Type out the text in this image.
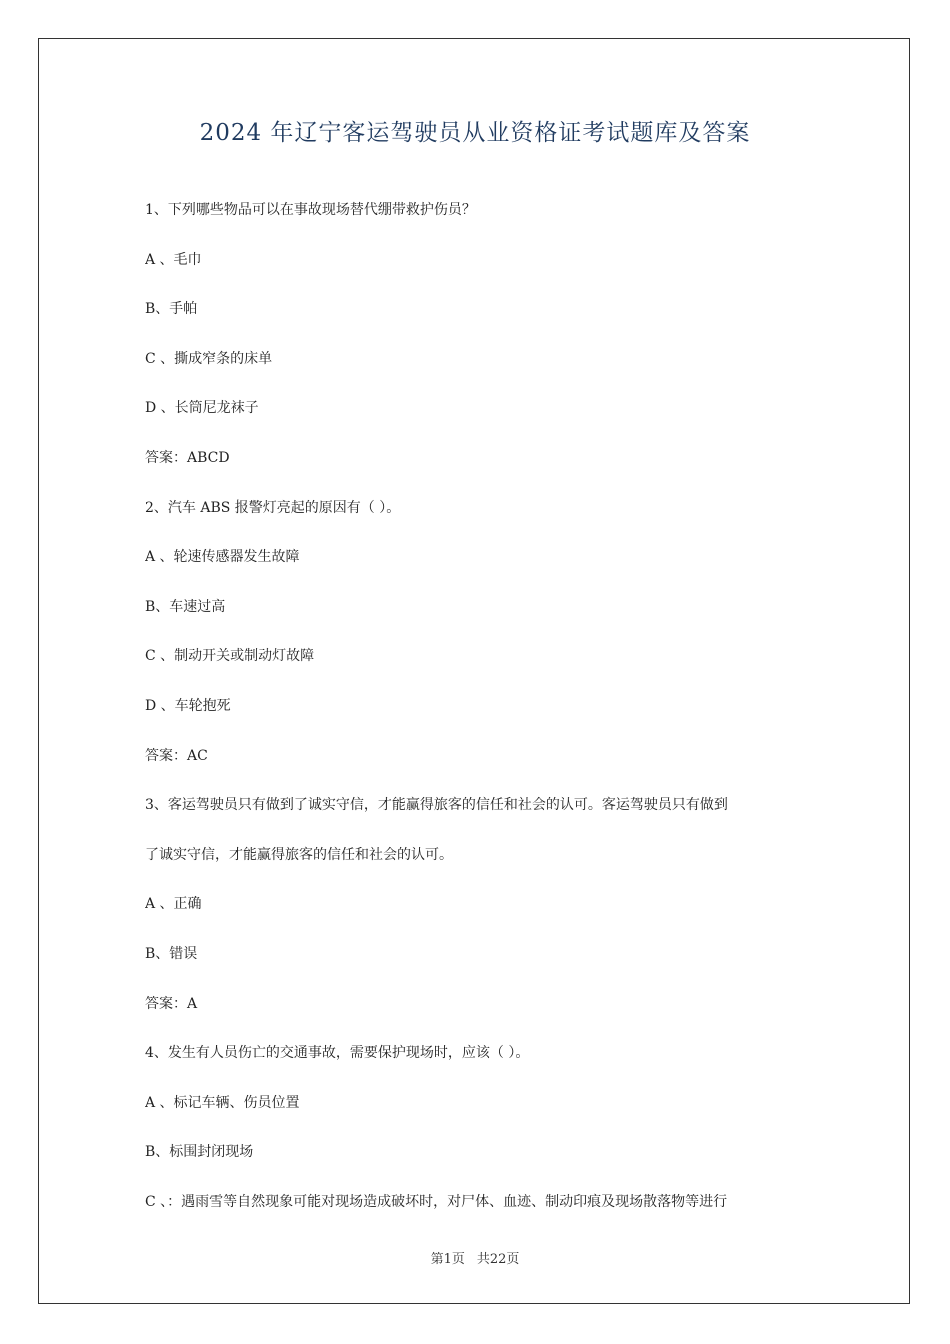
2024 年辽宁客运驾驶员从业资格证考试题库及答案
1、下列哪些物品可以在事故现场替代绷带救护伤员？
A 、毛巾
B、手帕
C 、撕成窄条的床单
D 、长筒尼龙袜子
答案：ABCD
2、汽车 ABS 报警灯亮起的原因有（ ）。
A 、轮速传感器发生故障
B、车速过高
C 、制动开关或制动灯故障
D 、车轮抱死
答案：AC
3、客运驾驶员只有做到了诚实守信，才能赢得旅客的信任和社会的认可。客运驾驶员只有做到
了诚实守信，才能赢得旅客的信任和社会的认可。
A 、正确
B、错误
答案：A
4、发生有人员伤亡的交通事故，需要保护现场时，应该（ ）。
A 、标记车辆、伤员位置
B、标围封闭现场
C 、：遇雨雪等自然现象可能对现场造成破坏时，对尸体、血迹、制动印痕及现场散落物等进行
第1页 共22页
